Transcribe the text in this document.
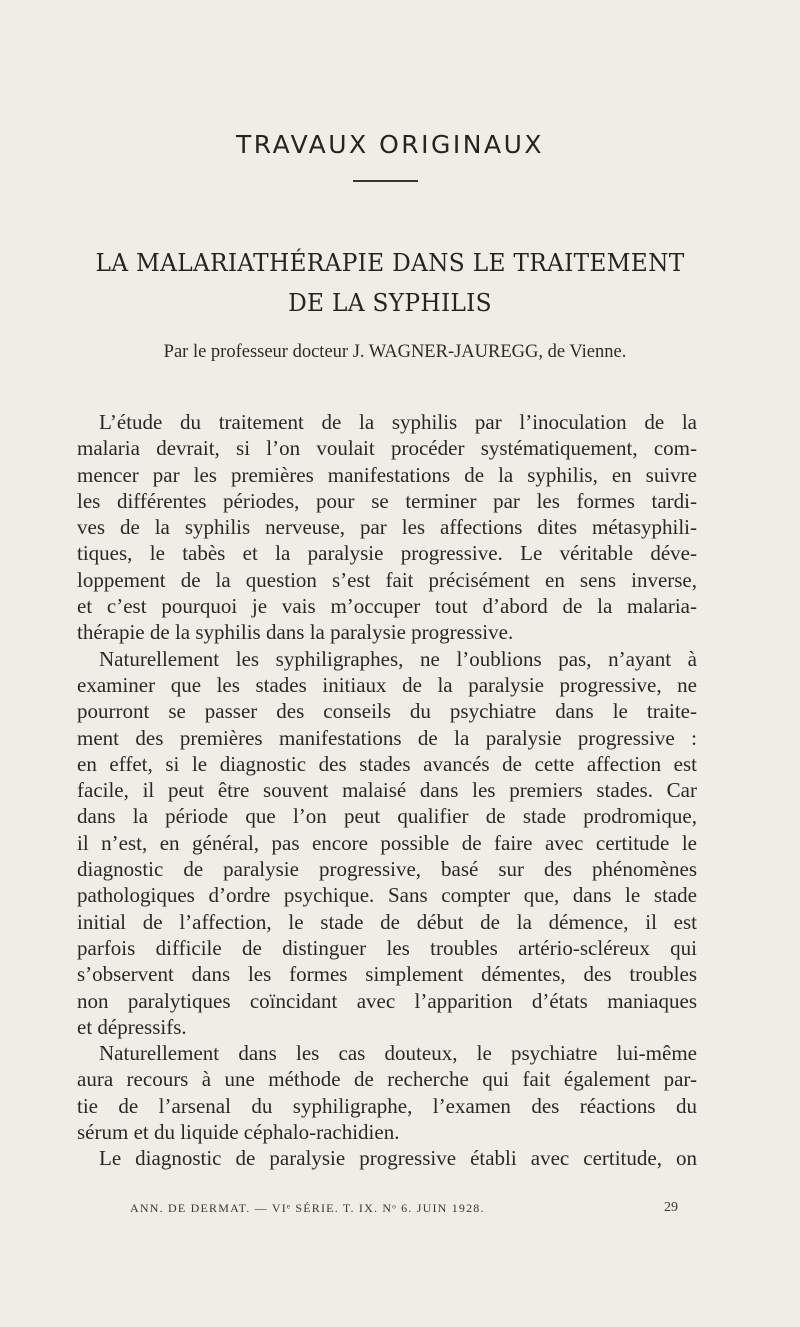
TRAVAUX ORIGINAUX
LA MALARIATHÉRAPIE DANS LE TRAITEMENT
DE LA SYPHILIS
Par le professeur docteur J. WAGNER-JAUREGG, de Vienne.
L’étude du traitement de la syphilis par l’inoculation de la
malaria devrait, si l’on voulait procéder systématiquement, com-
mencer par les premières manifestations de la syphilis, en suivre
les différentes périodes, pour se terminer par les formes tardi-
ves de la syphilis nerveuse, par les affections dites métasyphili-
tiques, le tabès et la paralysie progressive. Le véritable déve-
loppement de la question s’est fait précisément en sens inverse,
et c’est pourquoi je vais m’occuper tout d’abord de la malaria-
thérapie de la syphilis dans la paralysie progressive.
Naturellement les syphiligraphes, ne l’oublions pas, n’ayant à
examiner que les stades initiaux de la paralysie progressive, ne
pourront se passer des conseils du psychiatre dans le traite-
ment des premières manifestations de la paralysie progressive :
en effet, si le diagnostic des stades avancés de cette affection est
facile, il peut être souvent malaisé dans les premiers stades. Car
dans la période que l’on peut qualifier de stade prodromique,
il n’est, en général, pas encore possible de faire avec certitude le
diagnostic de paralysie progressive, basé sur des phénomènes
pathologiques d’ordre psychique. Sans compter que, dans le stade
initial de l’affection, le stade de début de la démence, il est
parfois difficile de distinguer les troubles artério-scléreux qui
s’observent dans les formes simplement démentes, des troubles
non paralytiques coïncidant avec l’apparition d’états maniaques
et dépressifs.
Naturellement dans les cas douteux, le psychiatre lui-même
aura recours à une méthode de recherche qui fait également par-
tie de l’arsenal du syphiligraphe, l’examen des réactions du
sérum et du liquide céphalo-rachidien.
Le diagnostic de paralysie progressive établi avec certitude, on
ANN. DE DERMAT. — VIᵉ SÉRIE. T. IX. Nᵒ 6. JUIN 1928.	29
